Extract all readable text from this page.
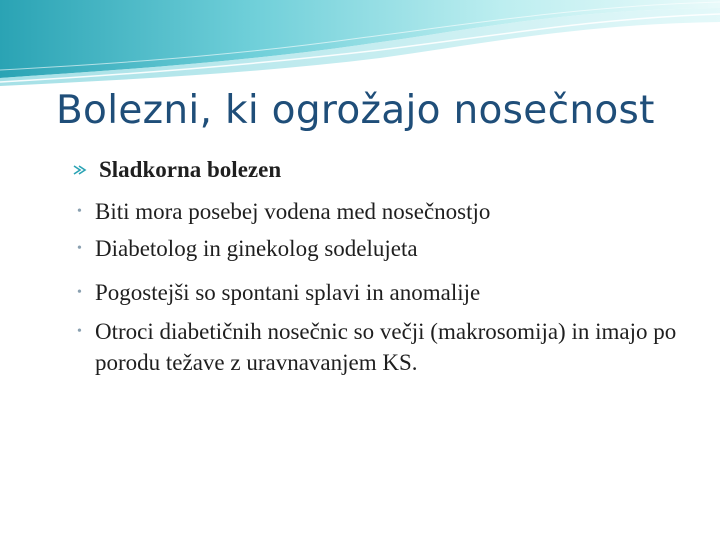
Bolezni, ki ogrožajo nosečnost
Sladkorna bolezen
• Biti mora posebej vodena med nosečnostjo
• Diabetolog in ginekolog sodelujeta
• Pogostejši so spontani splavi in anomalije
• Otroci diabetičnih nosečnic so večji (makrosomija) in imajo po porodu težave z uravnavanjem KS.
